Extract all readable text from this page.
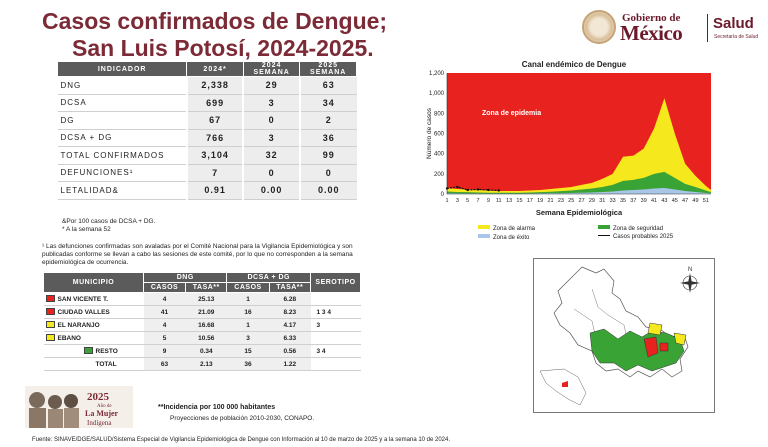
Casos confirmados de Dengue;
San Luis Potosí, 2024-2025.
Gobierno de
México Salud
Secretaría de Salud
INDICADOR	2024*	2024 SEMANA	2025 SEMANA
DNG	2,338	29	63
DCSA	699	3	34
DG	67	0	2
DCSA + DG	766	3	36
TOTAL CONFIRMADOS	3,104	32	99
DEFUNCIONES¹	7	0	0
LETALIDAD&	0.91	0.00	0.00
&Por 100 casos de DCSA + DG.
* A la semana 52
¹ Las defunciones confirmadas son avaladas por el Comité Nacional para la Vigilancia Epidemiológica y son publicadas conforme se llevan a cabo las sesiones de este comité, por lo que no corresponden a la semana epidemiológica de ocurrencia.
MUNICIPIO	DNG		DCSA + DG		SEROTIPO
	CASOS	TASA**	CASOS	TASA**	
SAN VICENTE T.	4	25.13	1	6.28	
CIUDAD VALLES	41	21.09	16	8.23	1 3 4
EL NARANJO	4	16.68	1	4.17	3
EBANO	5	10.56	3	6.33	
RESTO	9	0.34	15	0.56	3 4
TOTAL	63	2.13	36	1.22	
Canal endémico de Dengue
0
200
400
600
800
1,000
1,200
1 3 5 7 9 11 13 15 17 19 21 23 25 27 29 31 33 35 37 39 41 43 45 47 49 51
Semana Epidemiológica
Número de casos	Zona de epidemia
Zona de alarma	Zona de seguridad
Zona de éxito	Casos probables 2025
N
2025
Año de
La Mujer
Indígena
**Incidencia por 100 000 habitantes
Proyecciones de población 2010-2030, CONAPO.
Fuente: SINAVE/DGE/SALUD/Sistema Especial de Vigilancia Epidemiológica de Dengue con Información al 10 de marzo de 2025 y a la semana 10 de 2024.
